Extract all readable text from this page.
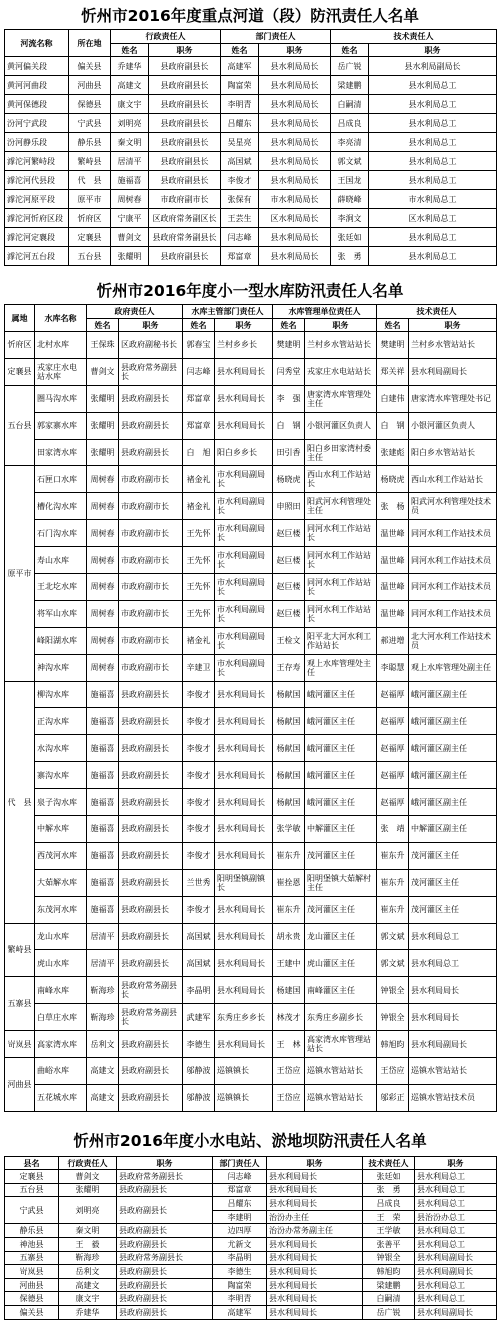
忻州市2016年度重点河道（段）防汛责任人名单
河流名称	所在地	行政责任人		部门责任人		技术责任人	
		姓名	职务	姓名	职务	姓名	职务
黄河偏关段	偏关县	乔建华	县政府副县长	高建军	县水利局局长	岳广锐	县水利局副局长
黄河河曲段	河曲县	高建文	县政府副县长	陶富荣	县水利局局长	梁建鹏	县水利局总工
黄河保德段	保德县	康文宇	县政府副县长	李明青	县水利局局长	白嗣清	县水利局总工
汾河宁武段	宁武县	刘明亮	县政府副县长	吕耀东	县水利局局长	吕成良	县水利局总工
汾河静乐段	静乐县	秦文明	县政府副县长	吴星亮	县水利局局长	李亮清	县水利局总工
滹沱河繁峙段	繁峙县	居清平	县政府副县长	高国斌	县水利局局长	郭文斌	县水利局总工
滹沱河代县段	代　县	施福喜	县政府副县长	李俊才	县水利局局长	王国龙	县水利局总工
滹沱河原平段	原平市	周树春	市政府副市长	张保有	市水利局局长	薛晓峰	市水利局总工
滹沱河忻府区段	忻府区	宁康平	区政府常务副区长	王芸生	区水利局局长	李涧文	区水利局总工
滹沱河定襄段	定襄县	曹剑文	县政府常务副县长	闫志峰	县水利局局长	张廷如	县水利局总工
滹沱河五台段	五台县	张耀明	县政府副县长	郑富章	县水利局局长	张　勇	县水利局总工
忻州市2016年度小一型水库防汛责任人名单
属地	水库名称	政府责任人		水库主管部门责任人		水库管理单位责任人		技术责任人	
		姓名	职务	姓名	职务	姓名	职务	姓名	职务
忻府区	北村水库	王保珠	区政府副秘书长	郭春宝	兰村乡乡长	樊建明	兰村乡水管站站长	樊建明	兰村乡水管站站长
定襄县	戎家庄水电站水库	曹剑文	县政府常务副县长	闫志峰	县水利局局长	闫秀堂	戎家庄水电站站长	郑关祥	县水利局副局长
五台县	圈马沟水库	张耀明	县政府副县长	郑富章	县水利局局长	李　强	唐家湾水库管理处主任	白建伟	唐家湾水库管理处书记
	郭家寨水库	张耀明	县政府副县长	郑富章	县水利局局长	白　钢	小银河灌区负责人	白　钢	小银河灌区负责人
	田家湾水库	张耀明	县政府副县长	白　旭	阳白乡乡长	田引香	阳白乡田家湾村委主任	张建彪	阳白乡水管站站长
原平市	石匣口水库	周树春	市政府副市长	褚金礼	市水利局副局长	杨晓虎	西山水利工作站站长	杨晓虎	西山水利工作站站长
	槽化沟水库	周树春	市政府副市长	褚金礼	市水利局副局长	申照田	阳武河水利管理处主任	张　杨	阳武河水利管理处技术员
	石门沟水库	周树春	市政府副市长	王先怀	市水利局副局长	赵巨楼	同河水利工作站站长	温世峰	同河水利工作站技术员
	寿山水库	周树春	市政府副市长	王先怀	市水利局副局长	赵巨楼	同河水利工作站站长	温世峰	同河水利工作站技术员
	王北圪水库	周树春	市政府副市长	王先怀	市水利局副局长	赵巨楼	同河水利工作站站长	温世峰	同河水利工作站技术员
	将军山水库	周树春	市政府副市长	王先怀	市水利局副局长	赵巨楼	同河水利工作站站长	温世峰	同河水利工作站技术员
	峰阳湖水库	周树春	市政府副市长	褚金礼	市水利局副局长	王检文	阳平北大河水利工作站站长	郝进增	北大河水利工作站技术员
	神沟水库	周树春	市政府副市长	辛建卫	市水利局副局长	王存寿	观上水库管理处主任	李聪慧	观上水库管理处副主任
代　县	柳沟水库	施福喜	县政府副县长	李俊才	县水利局局长	杨献国	峨河灌区主任	赵福厚	峨河灌区副主任
	正沟水库	施福喜	县政府副县长	李俊才	县水利局局长	杨献国	峨河灌区主任	赵福厚	峨河灌区副主任
	水沟水库	施福喜	县政府副县长	李俊才	县水利局局长	杨献国	峨河灌区主任	赵福厚	峨河灌区副主任
	寨沟水库	施福喜	县政府副县长	李俊才	县水利局局长	杨献国	峨河灌区主任	赵福厚	峨河灌区副主任
	泉子沟水库	施福喜	县政府副县长	李俊才	县水利局局长	杨献国	峨河灌区主任	赵福厚	峨河灌区副主任
	中解水库	施福喜	县政府副县长	李俊才	县水利局局长	张学敏	中解灌区主任	张　靖	中解灌区副主任
	西茂河水库	施福喜	县政府副县长	李俊才	县水利局局长	崔东升	茂河灌区主任	崔东升	茂河灌区主任
	大茹解水库	施福喜	县政府副县长	兰世秀	阳明堡镇副镇长	崔拴恩	阳明堡镇大茹解村主任	崔东升	茂河灌区主任
	东茂河水库	施福喜	县政府副县长	李俊才	县水利局局长	崔东升	茂河灌区主任	崔东升	茂河灌区主任
繁峙县	龙山水库	居清平	县政府副县长	高国斌	县水利局局长	胡永贵	龙山灌区主任	郭文斌	县水利局总工
	虎山水库	居清平	县政府副县长	高国斌	县水利局局长	王建中	虎山灌区主任	郭文斌	县水利局总工
五寨县	南峰水库	靳海珍	县政府常务副县长	李晶明	县水利局局长	杨建国	南峰灌区主任	钟银全	县水利局局长
	白草庄水库	靳海珍	县政府常务副县长	武建军	东秀庄乡乡长	林茂才	东秀庄乡副乡长	钟银全	县水利局局长
岢岚县	高家湾水库	岳利文	县政府副县长	李德生	县水利局局长	王　林	高家湾水库管理站站长	韩旭昀	县水利局副局长
河曲县	曲峪水库	高建文	县政府副县长	邬静波	巡镇镇长	王岱应	巡镇水管站站长	王岱应	巡镇水管站站长
	五花城水库	高建文	县政府副县长	邬静波	巡镇镇长	王岱应	巡镇水管站站长	邬彩正	巡镇水管站技术员
忻州市2016年度小水电站、淤地坝防汛责任人名单
县名	行政责任人	职务	部门责任人	职务	技术责任人	职务
定襄县	曹剑文	县政府常务副县长	闫志峰	县水利局局长	张廷如	县水利局总工
五台县	张耀明	县政府副县长	郑富章	县水利局局长	张　勇	县水利局总工
宁武县	刘明亮	县政府副县长	吕耀东	县水利局局长	吕成良	县水利局总工
			李建明	治汾办主任	王　荣	县治汾办总工
静乐县	秦文明	县政府副县长	边四厚	治汾办常务副主任	王学敏	县水利局总工
神池县	王　毅	县政府副县长	尤新文	县水利局局长	张善平	县水利局总工
五寨县	靳海珍	县政府常务副县长	李晶明	县水利局局长	钟银全	县水利局副局长
岢岚县	岳利文	县政府副县长	李德生	县水利局局长	韩旭昀	县水利局副局长
河曲县	高建文	县政府副县长	陶富荣	县水利局局长	梁建鹏	县水利局总工
保德县	康文宇	县政府副县长	李明青	县水利局局长	白嗣清	县水利局总工
偏关县	乔建华	县政府副县长	高建军	县水利局局长	岳广锐	县水利局副局长
